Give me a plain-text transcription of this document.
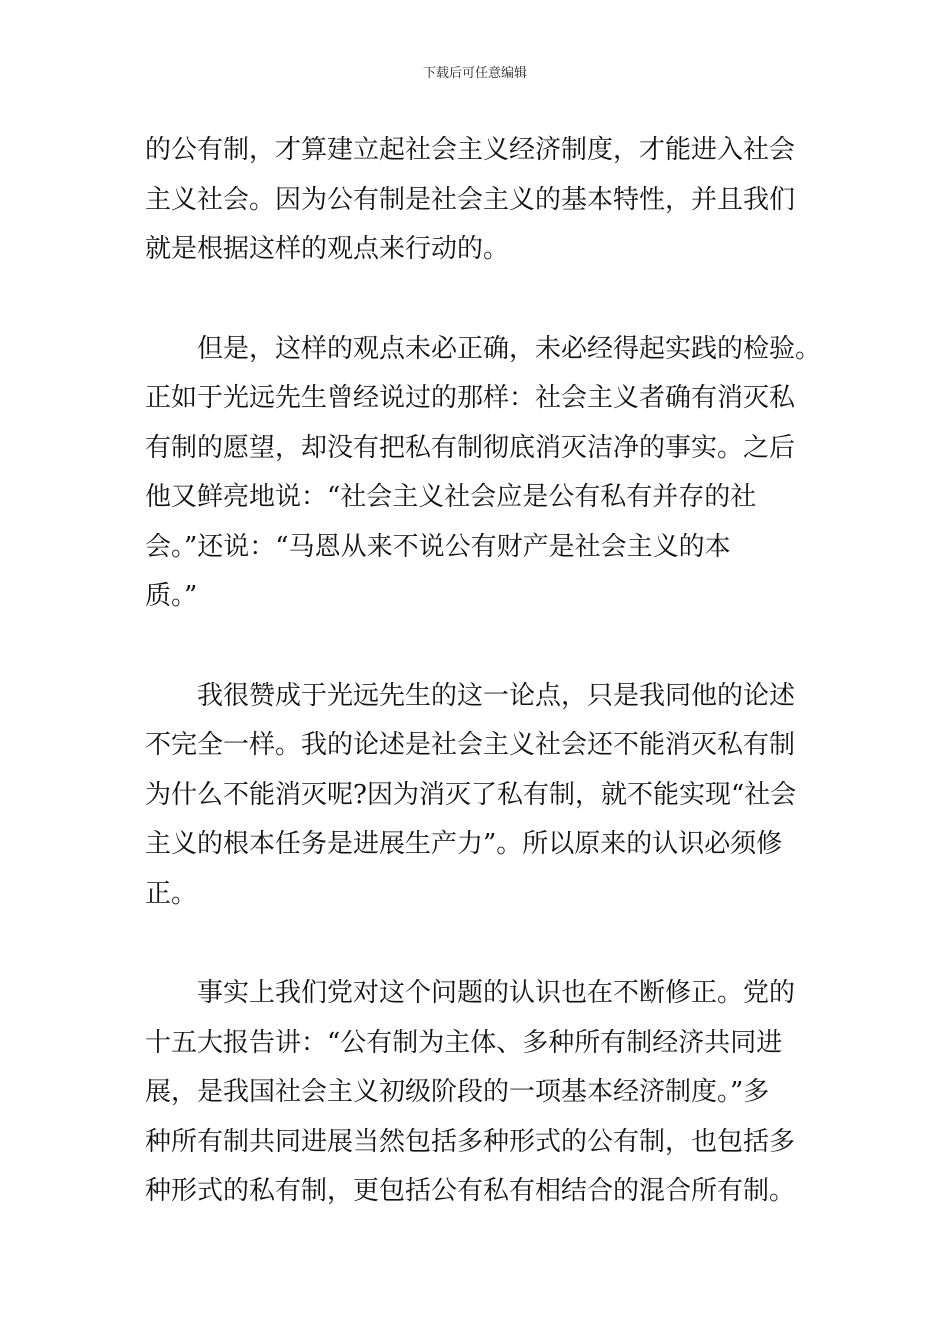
下载后可任意编辑
的公有制，才算建立起社会主义经济制度，才能进入社会
主义社会。因为公有制是社会主义的基本特性，并且我们
就是根据这样的观点来行动的。
但是，这样的观点未必正确，未必经得起实践的检验。
正如于光远先生曾经说过的那样：社会主义者确有消灭私
有制的愿望，却没有把私有制彻底消灭洁净的事实。之后
他又鲜亮地说：“社会主义社会应是公有私有并存的社
会。”还说：“马恩从来不说公有财产是社会主义的本
质。”
我很赞成于光远先生的这一论点，只是我同他的论述
不完全一样。我的论述是社会主义社会还不能消灭私有制
为什么不能消灭呢?因为消灭了私有制，就不能实现“社会
主义的根本任务是进展生产力”。所以原来的认识必须修
正。
事实上我们党对这个问题的认识也在不断修正。党的
十五大报告讲：“公有制为主体、多种所有制经济共同进
展，是我国社会主义初级阶段的一项基本经济制度。”多
种所有制共同进展当然包括多种形式的公有制，也包括多
种形式的私有制，更包括公有私有相结合的混合所有制。
